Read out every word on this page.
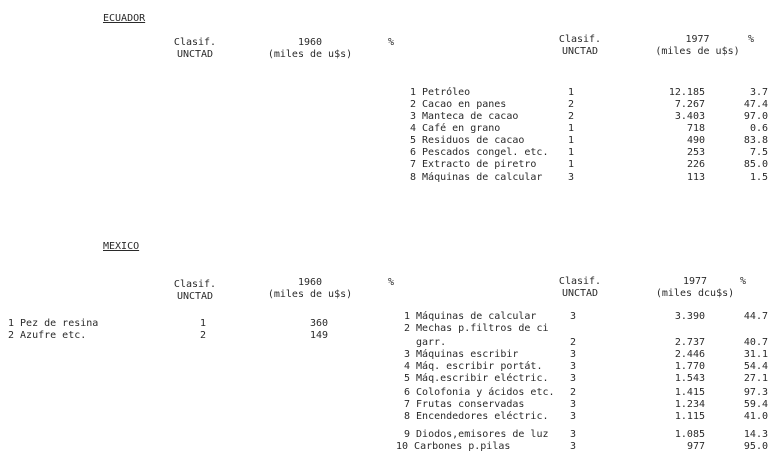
ECUADOR
Clasif.
UNCTAD
1960
(miles de u$s)
%	Clasif.
UNCTAD
1977
(miles de u$s)
%
1 Petróleo	1	12.185	3.7
2 Cacao en panes	2	7.267	47.4
3 Manteca de cacao	2	3.403	97.0
4 Café en grano	1	718	0.6
5 Residuos de cacao	1	490	83.8
6 Pescados congel. etc. 1	253	7.5
7 Extracto de piretro	1	226	85.0
8 Máquinas de calcular	3	113	1.5
MEXICO
Clasif.
UNCTAD
1960
(miles de u$s)
%
1 Pez de resina	1	360
2 Azufre etc.	2	149
Clasif.
UNCTAD
1977
(miles dcu$s)
%
1 Máquinas de calcular	3	3.390	44.7
2 Mechas p.filtros de ci
garr.	2	2.737	40.7
3 Máquinas escribir	3	2.446	31.1
4 Máq. escribir portát.	3	1.770	54.4
5 Máq.escribir eléctric. 3	1.543	27.1
6 Colofonia y ácidos etc. 2	1.415	97.3
7 Frutas conservadas	3	1.234	59.4
8 Encendedores eléctric. 3	1.115	41.0
9 Diodos,emisores de luz 3	1.085	14.3
10 Carbones p.pilas	3	977	95.0
